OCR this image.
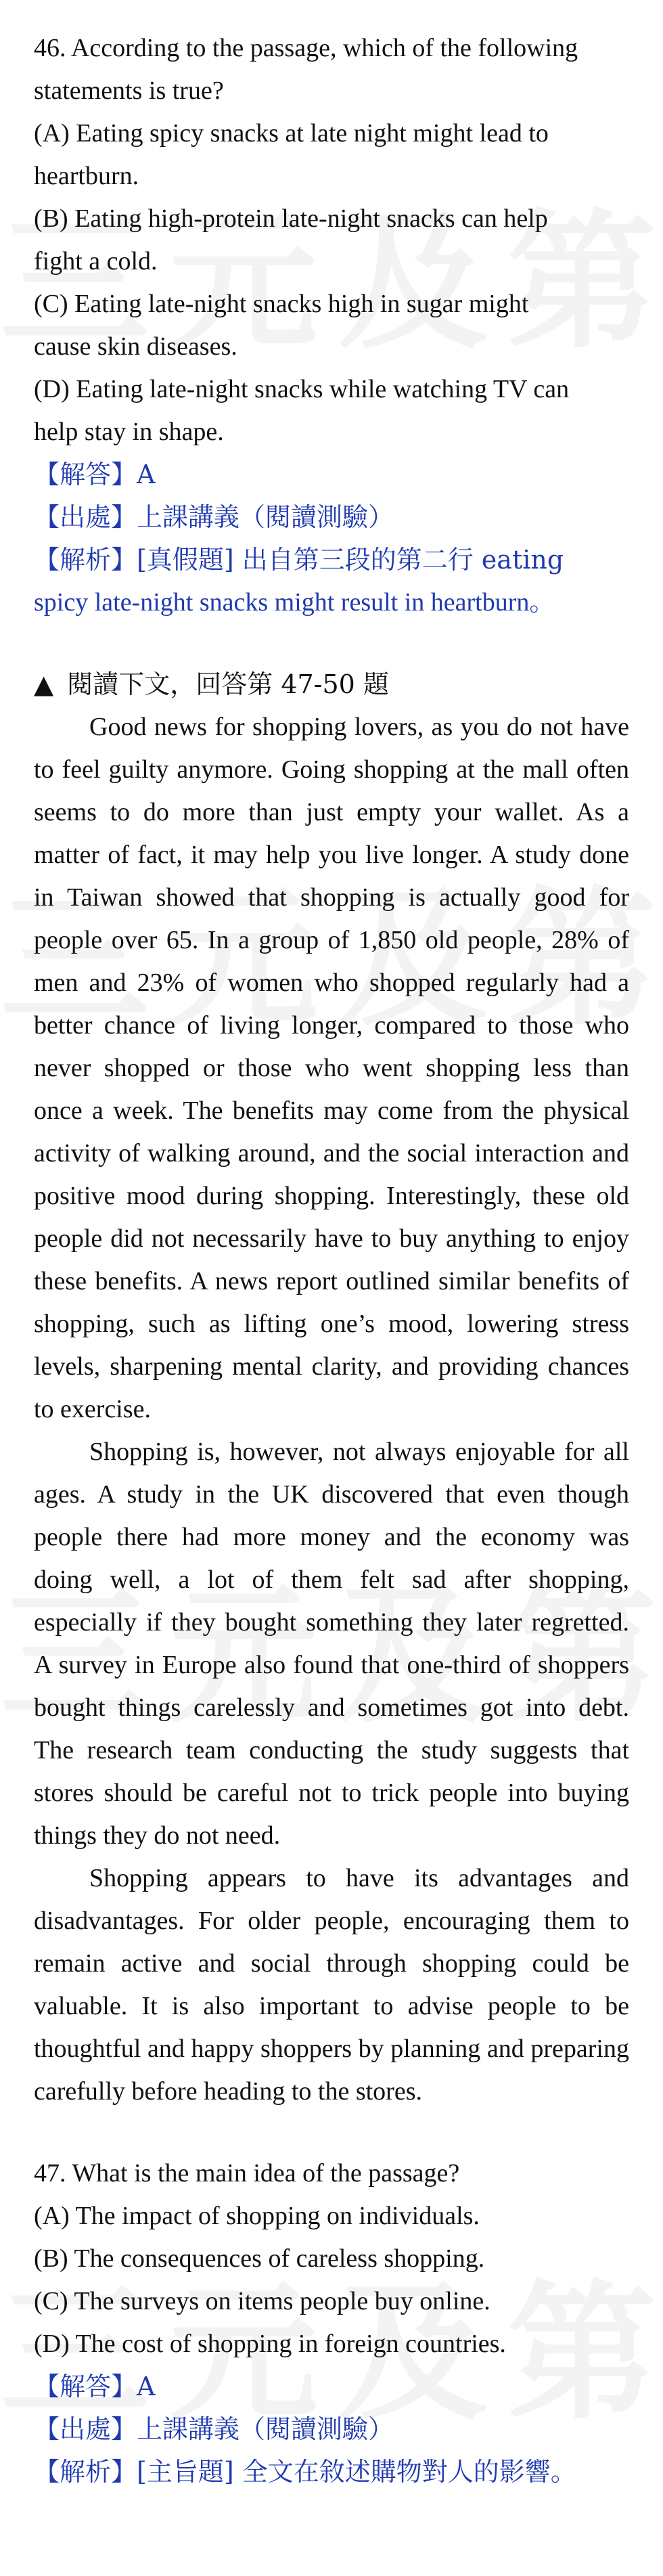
46. According to the passage, which of the following
statements is true?
(A) Eating spicy snacks at late night might lead to
heartburn.
(B) Eating high-protein late-night snacks can help
fight a cold.
(C) Eating late-night snacks high in sugar might
cause skin diseases.
(D) Eating late-night snacks while watching TV can
help stay in shape.
【解答】A
【出處】上課講義（閱讀測驗）
【解析】[真假題] 出自第三段的第二行 eating
spicy late-night snacks might result in heartburn。
▲ 閱讀下文，回答第 47-50 題

Good news for shopping lovers, as you do not have to feel guilty anymore. Going shopping at the mall often seems to do more than just empty your wallet. As a matter of fact, it may help you live longer. A study done in Taiwan showed that shopping is actually good for people over 65. In a group of 1,850 old people, 28% of men and 23% of women who shopped regularly had a better chance of living longer, compared to those who never shopped or those who went shopping less than once a week. The benefits may come from the physical activity of walking around, and the social interaction and positive mood during shopping. Interestingly, these old people did not necessarily have to buy anything to enjoy these benefits. A news report outlined similar benefits of shopping, such as lifting one’s mood, lowering stress levels, sharpening mental clarity, and providing chances to exercise.

Shopping is, however, not always enjoyable for all ages. A study in the UK discovered that even though people there had more money and the economy was doing well, a lot of them felt sad after shopping, especially if they bought something they later regretted. A survey in Europe also found that one-third of shoppers bought things carelessly and sometimes got into debt. The research team conducting the study suggests that stores should be careful not to trick people into buying things they do not need.

Shopping appears to have its advantages and disadvantages. For older people, encouraging them to remain active and social through shopping could be valuable. It is also important to advise people to be thoughtful and happy shoppers by planning and preparing carefully before heading to the stores.

47. What is the main idea of the passage?
(A) The impact of shopping on individuals.
(B) The consequences of careless shopping.
(C) The surveys on items people buy online.
(D) The cost of shopping in foreign countries.
【解答】A
【出處】上課講義（閱讀測驗）
【解析】[主旨題] 全文在敘述購物對人的影響。
